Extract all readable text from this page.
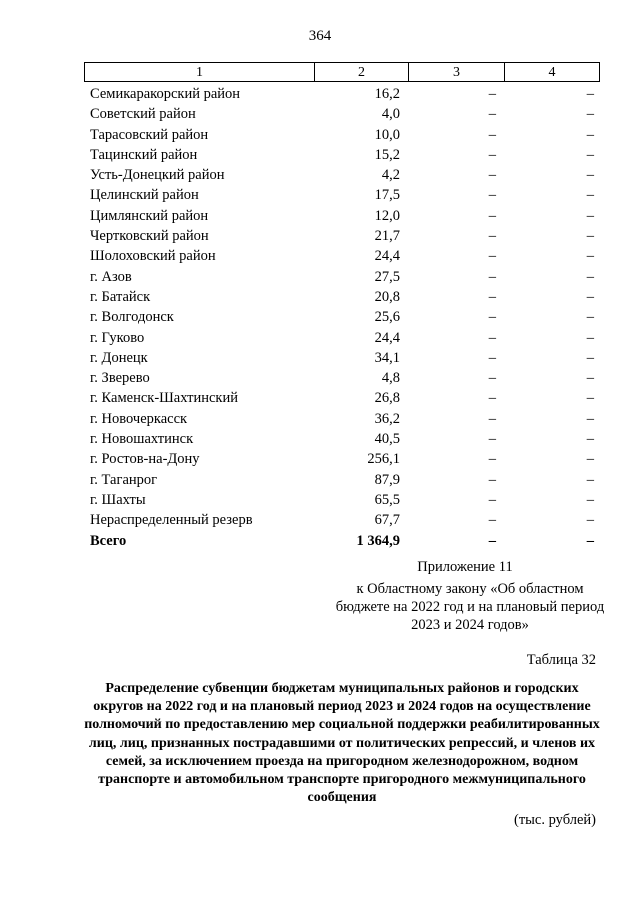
364
1	2	3	4
Семикаракорский район	16,2	–	–
Советский район	4,0	–	–
Тарасовский район	10,0	–	–
Тацинский район	15,2	–	–
Усть-Донецкий район	4,2	–	–
Целинский район	17,5	–	–
Цимлянский район	12,0	–	–
Чертковский район	21,7	–	–
Шолоховский район	24,4	–	–
г. Азов	27,5	–	–
г. Батайск	20,8	–	–
г. Волгодонск	25,6	–	–
г. Гуково	24,4	–	–
г. Донецк	34,1	–	–
г. Зверево	4,8	–	–
г. Каменск-Шахтинский	26,8	–	–
г. Новочеркасск	36,2	–	–
г. Новошахтинск	40,5	–	–
г. Ростов-на-Дону	256,1	–	–
г. Таганрог	87,9	–	–
г. Шахты	65,5	–	–
Нераспределенный резерв	67,7	–	–
Всего	1 364,9	–	–
Приложение 11
к Областному закону «Об областном бюджете на 2022 год и на плановый период 2023 и 2024 годов»
Таблица 32
Распределение субвенции бюджетам муниципальных районов и городских округов на 2022 год и на плановый период 2023 и 2024 годов на осуществление полномочий по предоставлению мер социальной поддержки реабилитированных лиц, лиц, признанных пострадавшими от политических репрессий, и членов их семей, за исключением проезда на пригородном железнодорожном, водном транспорте и автомобильном транспорте пригородного межмуниципального сообщения
(тыс. рублей)
